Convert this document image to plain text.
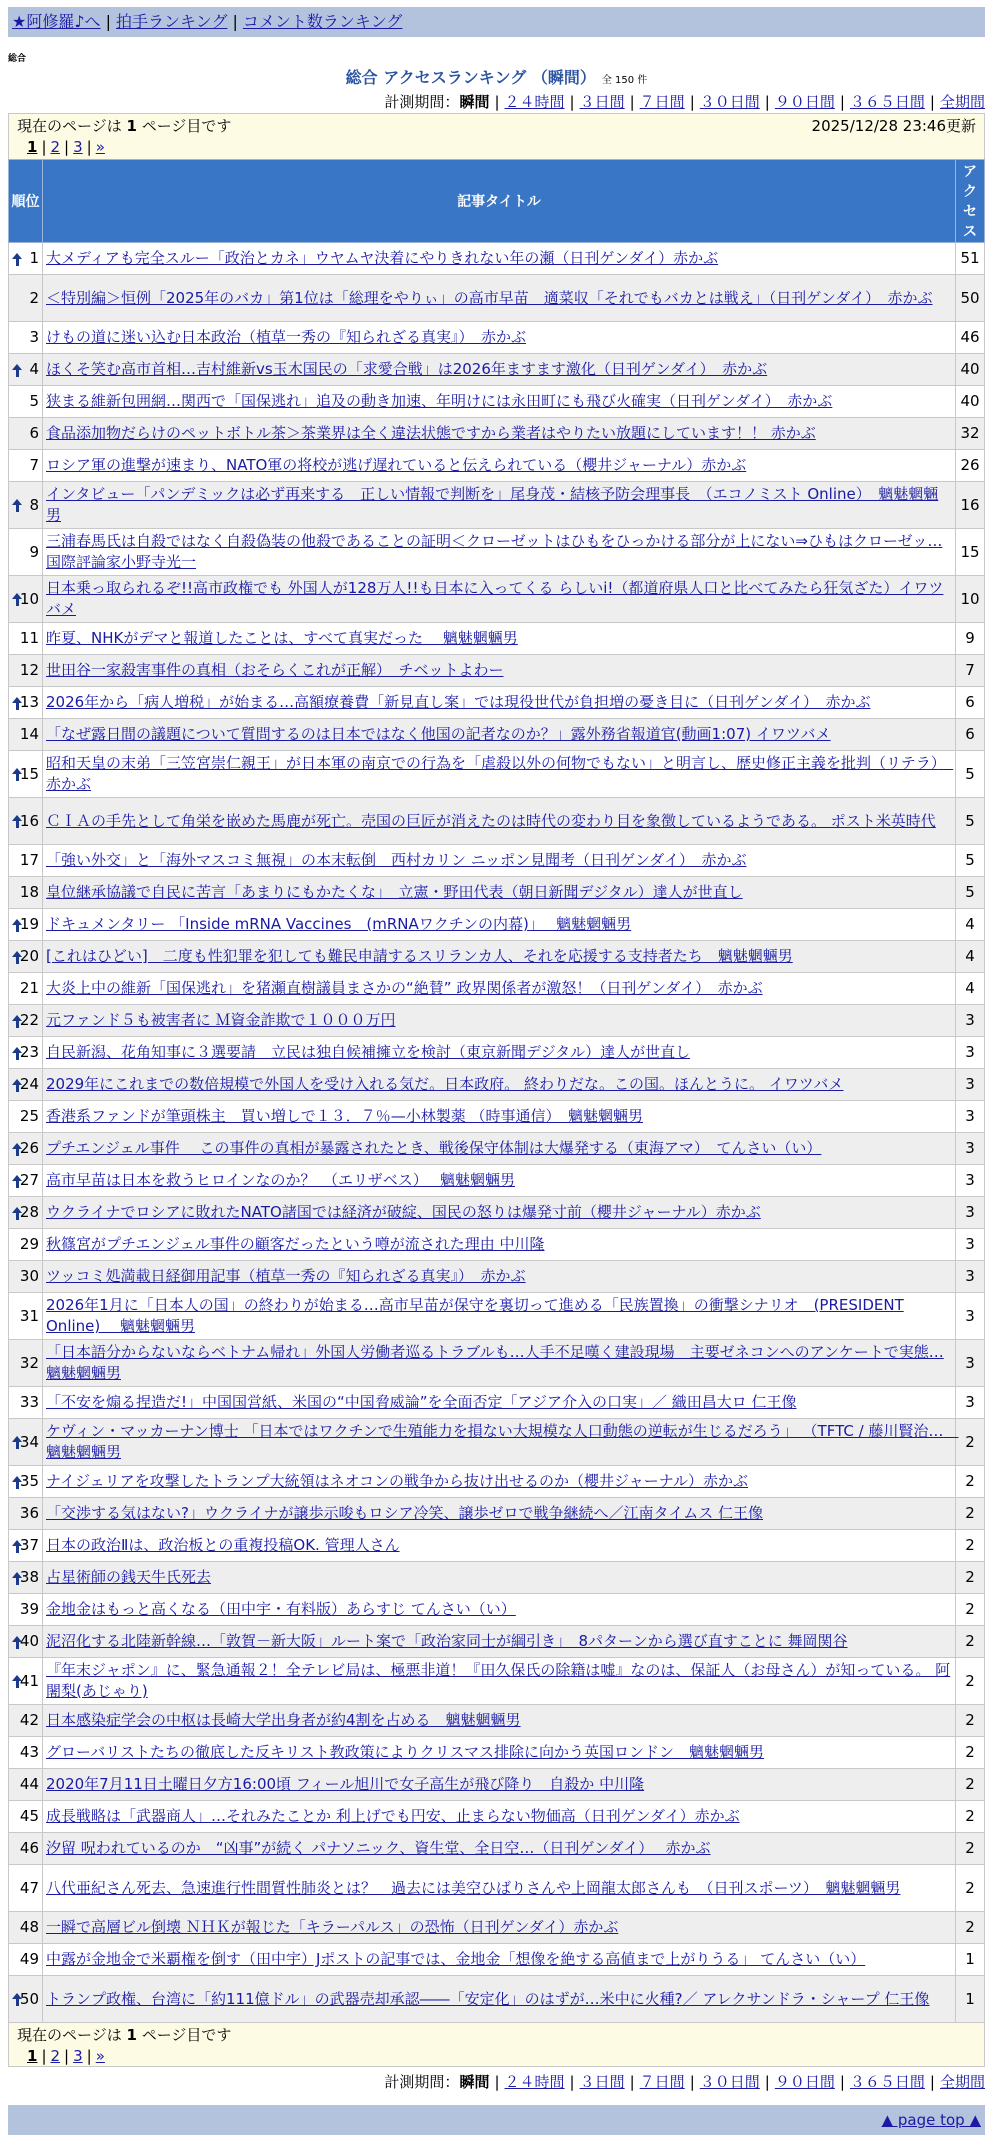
★阿修羅♪へ | 拍手ランキング | コメント数ランキング
総合
総合 アクセスランキング （瞬間） 全 150 件
計測期間：瞬間 | ２４時間 | ３日間 | ７日間 | ３０日間 | ９０日間 | ３６５日間 | 全期間
現在のページは 1 ページ目です	2025/12/28 23:46更新
1 | 2 | 3 | »
順位	記事タイトル	アクセス

1	大メディアも完全スルー「政治とカネ」ウヤムヤ決着にやりきれない年の瀬（日刊ゲンダイ）赤かぶ	51
2	＜特別編＞恒例「2025年のバカ」第1位は「総理をやりぃ」の高市早苗　適菜収「それでもバカとは戦え」（日刊ゲンダイ）　赤かぶ	50
3	けもの道に迷い込む日本政治（植草一秀の『知られざる真実』）　赤かぶ	46

4	ほくそ笑む高市首相…吉村維新vs玉木国民の「求愛合戦」は2026年ますます激化（日刊ゲンダイ）　赤かぶ	40
5	狭まる維新包囲網…関西で「国保逃れ」追及の動き加速、年明けには永田町にも飛び火確実（日刊ゲンダイ）　赤かぶ	40
6	食品添加物だらけのペットボトル茶＞茶業界は全く違法状態ですから業者はやりたい放題にしています！！ 赤かぶ	32
7	ロシア軍の進撃が速まり、NATO軍の将校が逃げ遅れていると伝えられている（櫻井ジャーナル）赤かぶ	26

8	インタビュー「パンデミックは必ず再来する　正しい情報で判断を」尾身茂・結核予防会理事長　（エコノミスト Online）　魑魅魍魎男	16
9	三浦春馬氏は自殺ではなく自殺偽装の他殺であることの証明＜クローゼットはひもをひっかける部分が上にない⇒ひもはクローゼッ… 国際評論家小野寺光一	15

10	日本乗っ取られるぞ!!高市政権でも 外国人が128万人!!も日本に入ってくる らしいi!（都道府県人口と比べてみたら狂気ざた）イワツバメ	10
11	昨夏、NHKがデマと報道したことは、すべて真実だった　 魑魅魍魎男	9
12	世田谷一家殺害事件の真相（おそらくこれが正解）　チベットよわー	7

13	2026年から「病人増税」が始まる…高額療養費「新見直し案」では現役世代が負担増の憂き目に（日刊ゲンダイ）　赤かぶ	6
14	「なぜ露日間の議題について質問するのは日本ではなく他国の記者なのか？」露外務省報道官(動画1:07) イワツバメ	6

15	昭和天皇の末弟「三笠宮崇仁親王」が日本軍の南京での行為を「虐殺以外の何物でもない」と明言し、歴史修正主義を批判（リテラ）　赤かぶ	5

16	ＣＩＡの手先として角栄を嵌めた馬鹿が死亡。売国の巨匠が消えたのは時代の変わり目を象徴しているようである。 ポスト米英時代	5
17	「強い外交」と「海外マスコミ無視」の本末転倒　西村カリン ニッポン見聞考（日刊ゲンダイ）　赤かぶ	5
18	皇位継承協議で自民に苦言「あまりにもかたくな」　立憲・野田代表（朝日新聞デジタル）達人が世直し	5

19	ドキュメンタリー 「Inside mRNA Vaccines　(mRNAワクチンの内幕)」　 魑魅魍魎男	4

20	[これはひどい]　二度も性犯罪を犯しても難民申請するスリランカ人、それを応援する支持者たち　魑魅魍魎男	4
21	大炎上中の維新「国保逃れ」を猪瀬直樹議員まさかの“絶賛” 政界関係者が激怒！（日刊ゲンダイ）　赤かぶ	4

22	元ファンド５も被害者に Ｍ資金詐欺で１０００万円	3

23	自民新潟、花角知事に３選要請　立民は独自候補擁立を検討（東京新聞デジタル）達人が世直し	3

24	2029年にこれまでの数倍規模で外国人を受け入れる気だ。日本政府。 終わりだな。この国。ほんとうに。 イワツバメ	3
25	香港系ファンドが筆頭株主　買い増しで１３．７％—小林製薬 （時事通信）　魑魅魍魎男	3

26	プチエンジェル事件　 この事件の真相が暴露されたとき、戦後保守体制は大爆発する（東海アマ）　てんさい（い）	3

27	高市早苗は日本を救うヒロインなのか？　（エリザベス）　 魑魅魍魎男	3

28	ウクライナでロシアに敗れたNATO諸国では経済が破綻、国民の怒りは爆発寸前（櫻井ジャーナル）赤かぶ	3
29	秋篠宮がプチエンジェル事件の顧客だったという噂が流された理由 中川隆	3
30	ツッコミ処満載日経御用記事（植草一秀の『知られざる真実』）　赤かぶ	3
31	2026年1月に「日本人の国」の終わりが始まる…高市早苗が保守を裏切って進める「民族置換」の衝撃シナリオ　(PRESIDENT Online)　 魑魅魍魎男	3
32	「日本語分からないならベトナム帰れ」外国人労働者巡るトラブルも…人手不足嘆く建設現場　主要ゼネコンへのアンケートで実態… 魑魅魍魎男	3
33	「不安を煽る捏造だ!」中国国営紙、米国の“中国脅威論”を全面否定「アジア介入の口実」／ 織田昌大ロ 仁王像	3

34	ケヴィン・マッカーナン博士 「日本ではワクチンで生殖能力を損ない大規模な人口動態の逆転が生じるだろう」 （TFTC / 藤川賢治…　魑魅魍魎男	2

35	ナイジェリアを攻撃したトランプ大統領はネオコンの戦争から抜け出せるのか（櫻井ジャーナル）赤かぶ	2
36	「交渉する気はない?」ウクライナが譲歩示唆もロシア冷笑、譲歩ゼロで戦争継続へ／江南タイムス 仁王像	2

37	日本の政治Ⅱは、政治板との重複投稿OK. 管理人さん	2

38	占星術師の銭天牛氏死去	2
39	金地金はもっと高くなる（田中宇・有料版）あらすじ てんさい（い）	2

40	泥沼化する北陸新幹線…「敦賀－新大阪」ルート案で「政治家同士が綱引き」　8パターンから選び直すことに 舞岡関谷	2

41	『年末ジャポン』に、緊急通報２！全テレビ局は、極悪非道！『田久保氏の除籍は嘘』なのは、保証人（お母さん）が知っている。 阿闍梨(あじゃり)	2
42	日本感染症学会の中枢は長崎大学出身者が約4割を占める　魑魅魍魎男	2
43	グローバリストたちの徹底した反キリスト教政策によりクリスマス排除に向かう英国ロンドン　魑魅魍魎男	2
44	2020年7月11日土曜日夕方16:00頃 フィール旭川で女子高生が飛び降り　自殺か 中川隆	2
45	成長戦略は「武器商人」…それみたことか 利上げでも円安、止まらない物価高（日刊ゲンダイ）赤かぶ	2
46	汐留 呪われているのか　“凶事”が続く パナソニック、資生堂、全日空…（日刊ゲンダイ）　 赤かぶ	2
47	八代亜紀さん死去、急速進行性間質性肺炎とは？　過去には美空ひばりさんや上岡龍太郎さんも　（日刊スポーツ）　魑魅魍魎男	2
48	一瞬で高層ビル倒壊 ＮＨＫが報じた「キラーパルス」の恐怖（日刊ゲンダイ）赤かぶ	2
49	中露が金地金で米覇権を倒す（田中宇）Jポストの記事では、金地金「想像を絶する高値まで上がりうる」 てんさい（い）	1

50	トランプ政権、台湾に「約111億ドル」の武器売却承認――「安定化」のはずが…米中に火種?／ アレクサンドラ・シャープ 仁王像	1
現在のページは 1 ページ目です
1 | 2 | 3 | »
計測期間：瞬間 | ２４時間 | ３日間 | ７日間 | ３０日間 | ９０日間 | ３６５日間 | 全期間
▲ page top ▲
